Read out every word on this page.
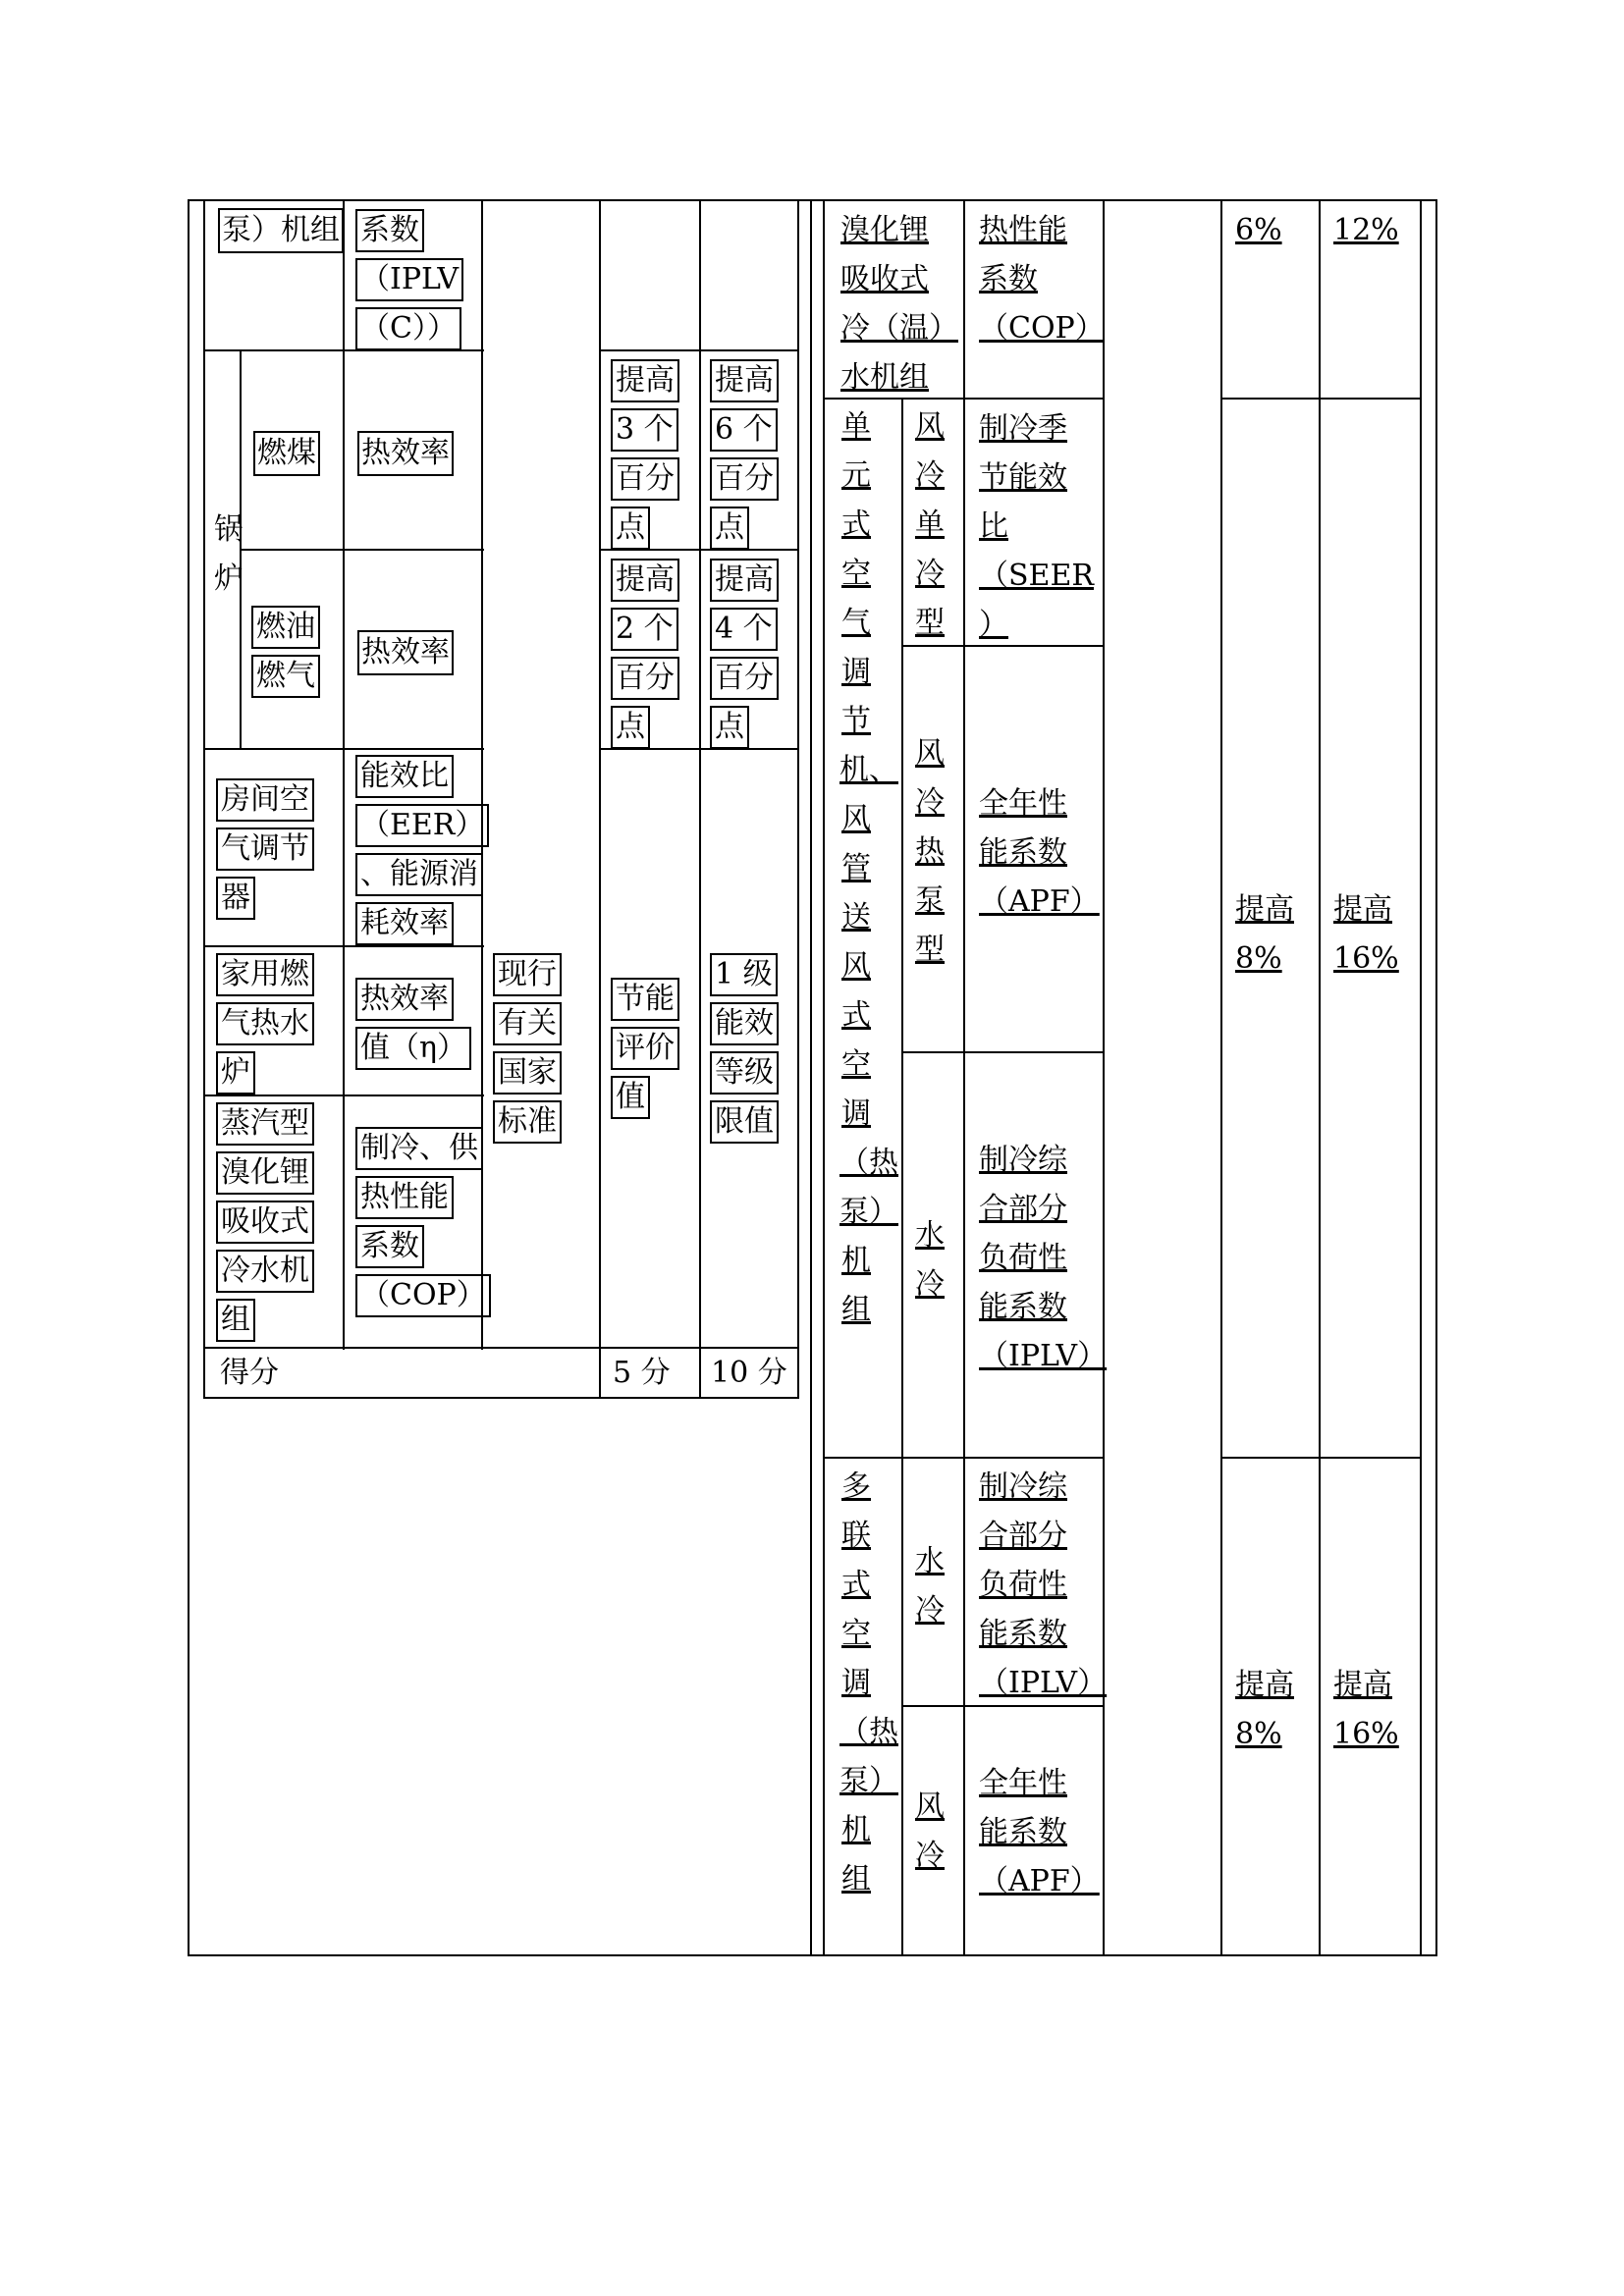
泵）机组 系数
（IPLV
（C））
锅
炉
燃煤 热效率
提高
3 个
百分
点
提高
6 个
百分
点
燃油
燃气
热效率
提高
2 个
百分
点
提高
4 个
百分
点
房间空
气调节
器
能效比
（EER）
、能源消
耗效率
家用燃
气热水
炉
热效率
值（η）
蒸汽型
溴化锂
吸收式
冷水机
组
制冷、供
热性能
系数
（COP）
现行
有关
国家
标准
节能
评价
值
1 级
能效
等级
限值
得分	5 分 10 分
溴化锂
吸收式
冷（温）
水机组
热性能
系数
（COP）
6% 12%
单元式空气调节机、风管送风式空调（热泵）机组
风冷单冷型
制冷季
节能效
比
（SEER
）
风冷热泵型
全年性
能系数
（APF）
水冷
制冷综
合部分
负荷性
能系数
（IPLV）
提高
8%
提高
16%
多联式空调（热泵）机组
水冷
制冷综
合部分
负荷性
能系数
（IPLV）
风冷
全年性
能系数
（APF）
提高
8%
提高
16%
